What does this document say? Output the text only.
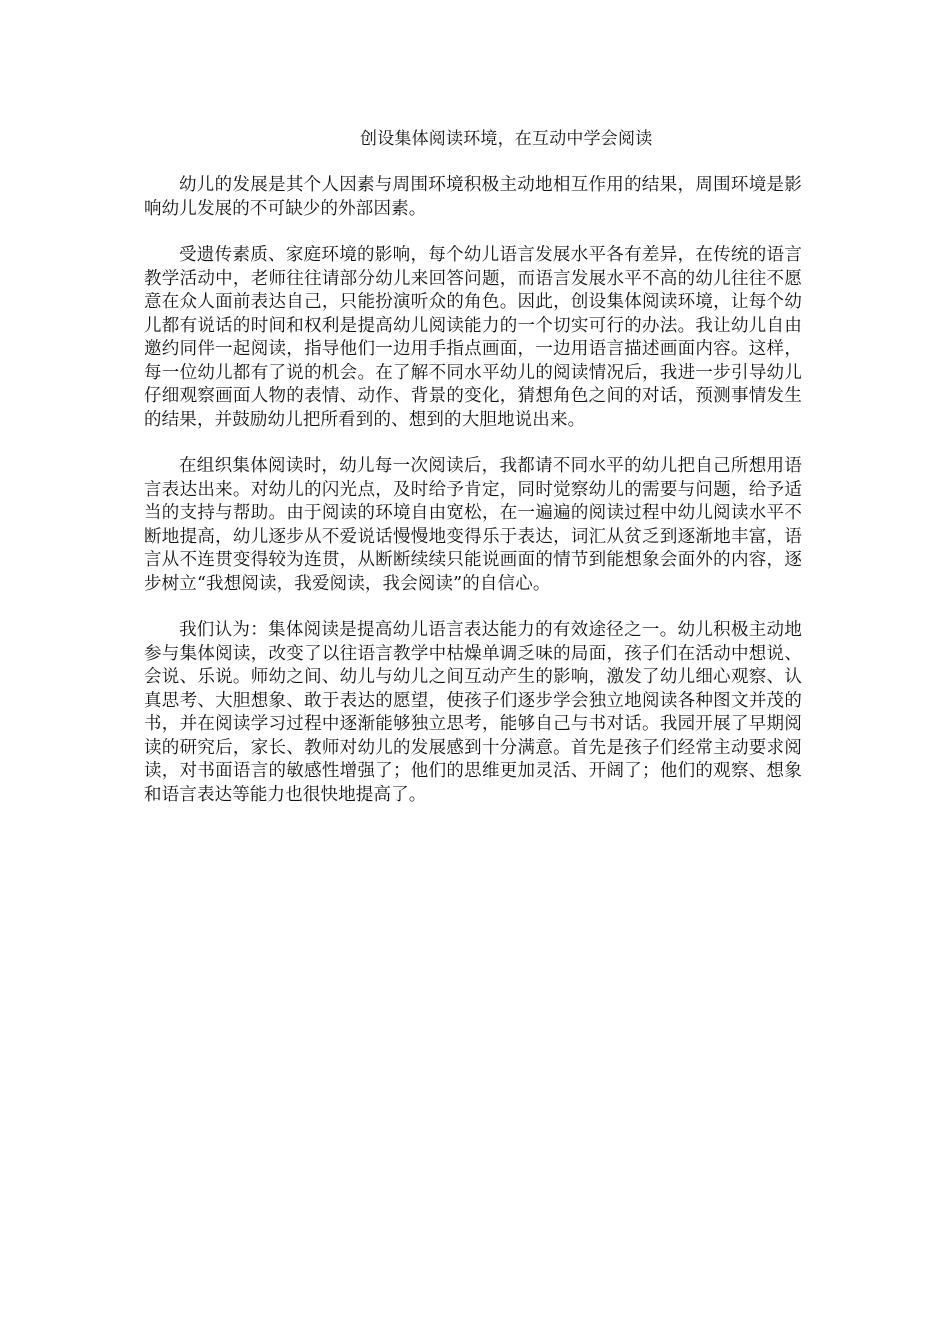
创设集体阅读环境，在互动中学会阅读

幼儿的发展是其个人因素与周围环境积极主动地相互作用的结果，周围环境是影响幼儿发展的不可缺少的外部因素。

受遗传素质、家庭环境的影响，每个幼儿语言发展水平各有差异，在传统的语言教学活动中，老师往往请部分幼儿来回答问题，而语言发展水平不高的幼儿往往不愿意在众人面前表达自己，只能扮演听众的角色。因此，创设集体阅读环境，让每个幼儿都有说话的时间和权利是提高幼儿阅读能力的一个切实可行的办法。我让幼儿自由邀约同伴一起阅读，指导他们一边用手指点画面，一边用语言描述画面内容。这样，每一位幼儿都有了说的机会。在了解不同水平幼儿的阅读情况后，我进一步引导幼儿仔细观察画面人物的表情、动作、背景的变化，猜想角色之间的对话，预测事情发生的结果，并鼓励幼儿把所看到的、想到的大胆地说出来。

在组织集体阅读时，幼儿每一次阅读后，我都请不同水平的幼儿把自己所想用语言表达出来。对幼儿的闪光点，及时给予肯定，同时觉察幼儿的需要与问题，给予适当的支持与帮助。由于阅读的环境自由宽松，在一遍遍的阅读过程中幼儿阅读水平不断地提高，幼儿逐步从不爱说话慢慢地变得乐于表达，词汇从贫乏到逐渐地丰富，语言从不连贯变得较为连贯，从断断续续只能说画面的情节到能想象会面外的内容，逐步树立“我想阅读，我爱阅读，我会阅读”的自信心。

我们认为：集体阅读是提高幼儿语言表达能力的有效途径之一。幼儿积极主动地参与集体阅读，改变了以往语言教学中枯燥单调乏味的局面，孩子们在活动中想说、会说、乐说。师幼之间、幼儿与幼儿之间互动产生的影响，激发了幼儿细心观察、认真思考、大胆想象、敢于表达的愿望，使孩子们逐步学会独立地阅读各种图文并茂的书，并在阅读学习过程中逐渐能够独立思考，能够自己与书对话。我园开展了早期阅读的研究后，家长、教师对幼儿的发展感到十分满意。首先是孩子们经常主动要求阅读，对书面语言的敏感性增强了；他们的思维更加灵活、开阔了；他们的观察、想象和语言表达等能力也很快地提高了。
